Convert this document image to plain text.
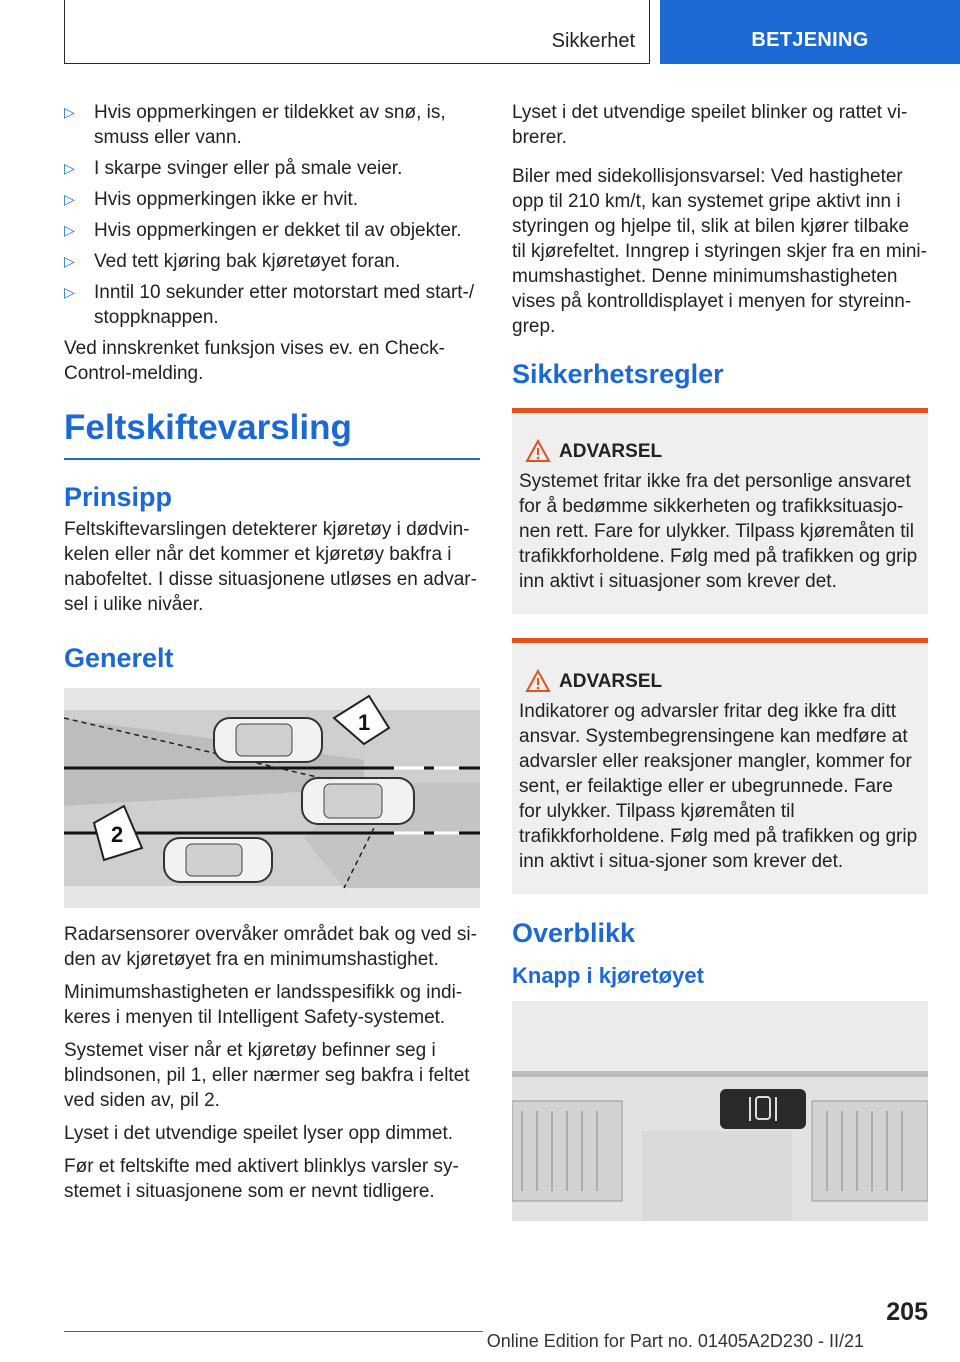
Sikkerhet	BETJENING
▷ Hvis oppmerkingen er tildekket av snø, is, smuss eller vann.
▷ I skarpe svinger eller på smale veier.
▷ Hvis oppmerkingen ikke er hvit.
▷ Hvis oppmerkingen er dekket til av objekter.
▷ Ved tett kjøring bak kjøretøyet foran.
▷ Inntil 10 sekunder etter motorstart med start-/ stoppknappen.

Ved innskrenket funksjon vises ev. en Check-Control-melding.

Feltskiftevarsling
Prinsipp

Feltskiftevarslingen detekterer kjøretøy i dødvin-kelen eller når det kommer et kjøretøy bakfra i nabofeltet. I disse situasjonene utløses en advar-sel i ulike nivåer.

Generelt
1
2

Radarsensorer overvåker området bak og ved si-den av kjøretøyet fra en minimumshastighet.

Minimumshastigheten er landsspesifikk og indi-keres i menyen til Intelligent Safety-systemet.

Systemet viser når et kjøretøy befinner seg i blindsonen, pil 1, eller nærmer seg bakfra i feltet ved siden av, pil 2.

Lyset i det utvendige speilet lyser opp dimmet.

Før et feltskifte med aktivert blinklys varsler sy-stemet i situasjonene som er nevnt tidligere.

Lyset i det utvendige speilet blinker og rattet vi-brerer.

Biler med sidekollisjonsvarsel: Ved hastigheter opp til 210 km/t, kan systemet gripe aktivt inn i styringen og hjelpe til, slik at bilen kjører tilbake til kjørefeltet. Inngrep i styringen skjer fra en mini-mumshastighet. Denne minimumshastigheten vises på kontrolldisplayet i menyen for styreinn-grep.

Sikkerhetsregler
ADVARSEL

Systemet fritar ikke fra det personlige ansvaret for å bedømme sikkerheten og trafikksituasjo-nen rett. Fare for ulykker. Tilpass kjøremåten til trafikkforholdene. Følg med på trafikken og grip inn aktivt i situasjoner som krever det.

ADVARSEL

Indikatorer og advarsler fritar deg ikke fra ditt ansvar. Systembegrensingene kan medføre at advarsler eller reaksjoner mangler, kommer for sent, er feilaktige eller er ubegrunnede. Fare for ulykker. Tilpass kjøremåten til trafikkforholdene. Følg med på trafikken og grip inn aktivt i situa-sjoner som krever det.

Overblikk
Knapp i kjøretøyet
205
Online Edition for Part no. 01405A2D230 - II/21
